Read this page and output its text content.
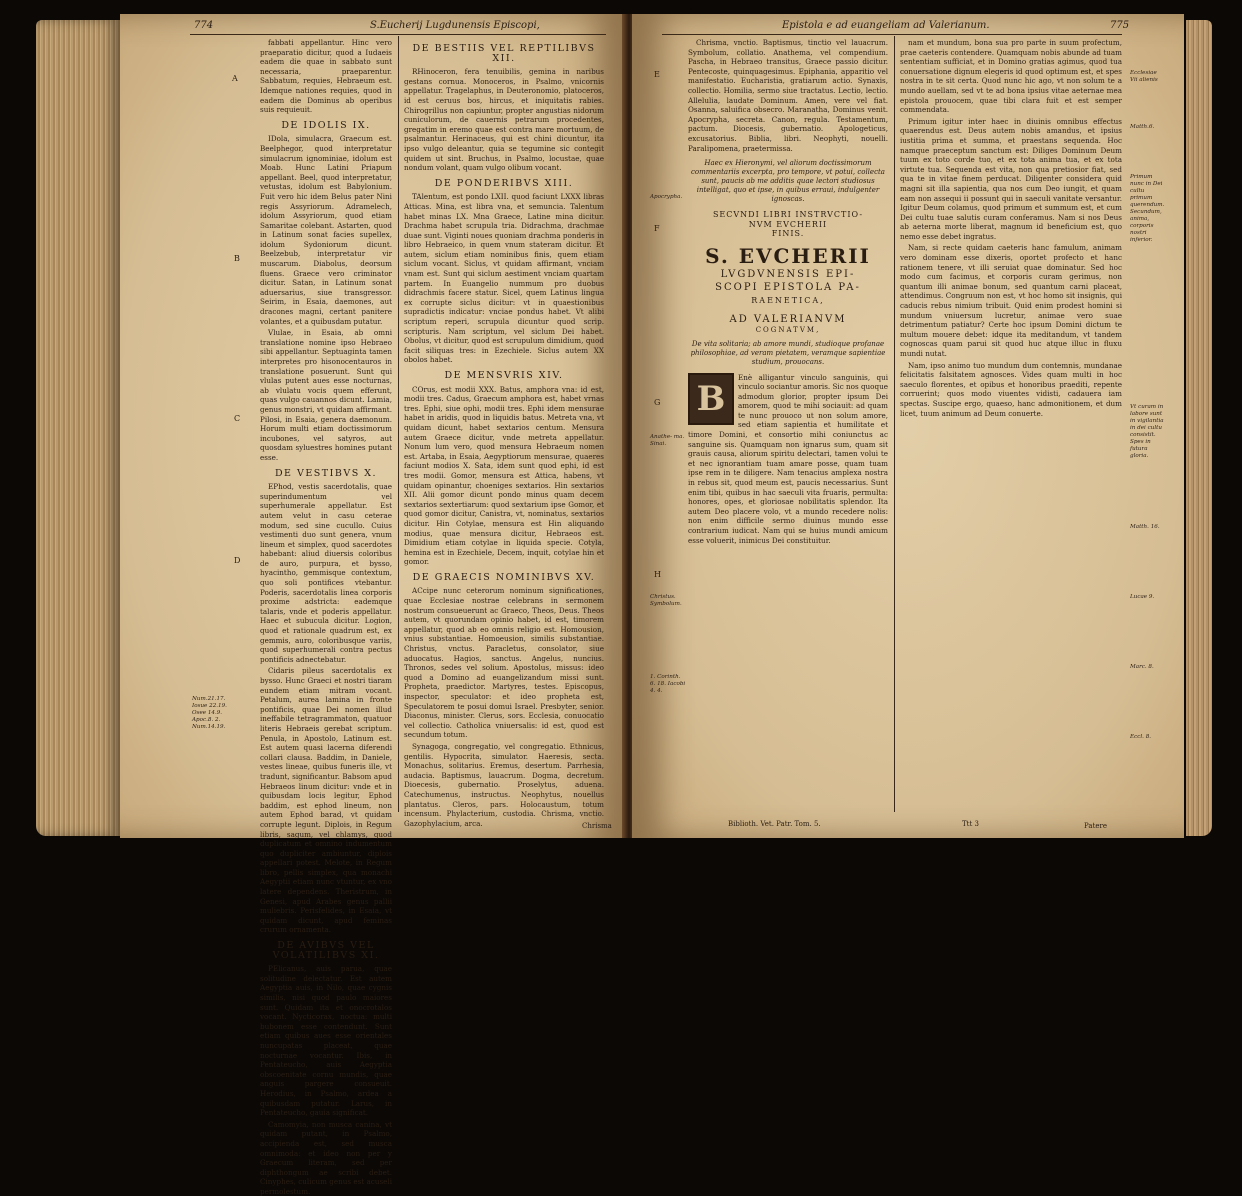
774	S.Eucherij Lugdunensis Episcopi,
A
B
C
D
Num.21.17. Iosue 22.19. Osee 14.9. Apoc.8. 2. Num.14.19.

fabbati appellantur. Hinc vero praeparatio dicitur, quod a Iudaeis eadem die quae in sabbato sunt necessaria, praeparentur. Sabbatum, requies, Hebraeum est. Idemque nationes requies, quod in eadem die Dominus ab operibus suis requieuit.

DE IDOLIS IX.

IDola, simulacra, Graecum est. Beelphegor, quod interpretatur simulacrum ignominiae, idolum est Moab. Hunc Latini Priapum appellant. Beel, quod interpretatur, vetustas, idolum est Babylonium. Fuit vero hic idem Belus pater Nini regis Assyriorum. Adramelech, idolum Assyriorum, quod etiam Samaritae colebant. Astarten, quod in Latinum sonat facies supellex, idolum Sydoniorum dicunt. Beelzebub, interpretatur vir muscarum. Diabolus, deorsum fluens. Graece vero criminator dicitur. Satan, in Latinum sonat aduersarius, siue transgressor. Seirim, in Esaia, daemones, aut dracones magni, certant panitere volantes, et a quibusdam putatur.

Vlulae, in Esaia, ab omni translatione nomine ipso Hebraeo sibi appellantur. Septuaginta tamen interpretes pro hisonocentauros in translatione posuerunt. Sunt qui vlulas putent aues esse nocturnas, ab vlulatu vocis quem efferunt, quas vulgo cauannos dicunt. Lamia, genus monstri, vt quidam affirmant. Pilosi, in Esaia, genera daemonum. Horum multi etiam doctissimorum incubones, vel satyros, aut quosdam syluestres homines putant esse.

DE VESTIBVS X.

EPhod, vestis sacerdotalis, quae superindumentum vel superhumerale appellatur. Est autem velut in casu ceterae modum, sed sine cucullo. Cuius vestimenti duo sunt genera, vnum lineum et simplex, quod sacerdotes habebant: aliud diuersis coloribus de auro, purpura, et bysso, hyacintho, gemmisque contextum, quo soli pontifices vtebantur. Poderis, sacerdotalis linea corporis proxime adstricta: eademque talaris, vnde et poderis appellatur. Haec et subucula dicitur. Logion, quod et rationale quadrum est, ex gemmis, auro, coloribusque variis, quod superhumerali contra pectus pontificis adnectebatur.

Cidaris pileus sacerdotalis ex bysso. Hunc Graeci et nostri tiaram eundem etiam mitram vocant. Petalum, aurea lamina in fronte pontificis, quae Dei nomen illud ineffabile tetragrammaton, quatuor literis Hebraeis gerebat scriptum. Penula, in Apostolo, Latinum est. Est autem quasi lacerna diferendi collari clausa. Baddim, in Daniele, vestes lineae, quibus funeris ille, vt tradunt, significantur. Babsom apud Hebraeos linum dicitur: vnde et in quibusdam locis legitur, Ephod baddim, est ephod lineum, non autem Ephod barad, vt quidam corrupte legunt. Diplois, in Regum libris, sagum, vel chlamys, quod duplicatum et omnino indumentum quo dupliciter ambiuntur, diplois appellari potest. Melote, in Regum libro, pellis simplex, qua monachi Aegyptii etiam nunc vtuntur, ex vno latere dependens. Theristrum, in Genesi, apud Arabes genus pallii muliebris. Perisfelides, in Esaia, vt quidam dicunt, apud feminas crurum ornamenta.

DE AVIBVS VEL VOLATILIBVS XI.

PElicanus, auis parua, quae solitudine delectatur. Est autem Aegyptia auis, in Nilo, quae cygnis similis, nisi quod paulo maiores sunt. Quidam ita et onocrotalos vocant. Nycticorax, noctua: multi bubonem esse contendunt. Sunt etiam quibus aues esse orientales nuncupatas placeat, quae nocturnae vocantur. Ibis, in Pentateucho, auis Aegyptia obscoenitate cornu mundis, quae anguis pargere consueuit. Herodius, in Psalmo, ardea a quibusdam putatur. Larus, in Pentateucho, gauia significat.

Camomyia, non musca canina, vt quidam putant, in Psalmo, accipienda est, sed musca omnimoda: et ideo non per y Graecum literam, sed per diphthongum ae scribi debet. Cinyphes, culicum genus est acuseli permolestum.

DE BESTIIS VEL REPTILIBVS XII.

RHinoceron, fera tenuibilis, gemina in naribus gestans cornua. Monoceros, in Psalmo, vnicornis appellatur. Tragelaphus, in Deuteronomio, platoceros, id est ceruus bos, hircus, et iniquitatis rabies. Chirogrillus non capiuntur, propter angustias nidorum cuniculorum, de cauernis petrarum procedentes, gregatim in eremo quae est contra mare mortuum, de psalmantur. Herinaceus, qui est chini dicuntur, ita ipso vulgo deleantur, quia se tegumine sic contegit quidem ut sint. Bruchus, in Psalmo, locustae, quae nondum volant, quam vulgo olibum vocant.

DE PONDERIBVS XIII.

TAlentum, est pondo LXII. quod faciunt LXXX libras Atticas. Mina, est libra vna, et semuncia. Talentum habet minas LX. Mna Graece, Latine mina dicitur. Drachma habet scrupula tria. Didrachma, drachmae duae sunt. Viginti noues quoniam drachma ponderis in libro Hebraeico, in quem vnum stateram dicitur. Et autem, siclum etiam nominibus finis, quem etiam siclum vocant. Siclus, vt quidam affirmant, vnciam vnam est. Sunt qui siclum aestiment vnciam quartam partem. In Euangelio nummum pro duobus didrachmis facere statur. Sicel, quem Latinus lingua ex corrupte siclus dicitur: vt in quaestionibus supradictis indicatur: vnciae pondus habet. Vt alibi scriptum reperi, scrupula dicuntur quod scrip. scripturis. Nam scriptum, vel siclum Dei habet. Obolus, vt dicitur, quod est scrupulum dimidium, quod facit siliquas tres: in Ezechiele. Siclus autem XX obolos habet.

DE MENSVRIS XIV.

COrus, est modii XXX. Batus, amphora vna: id est, modii tres. Cadus, Graecum amphora est, habet vrnas tres. Ephi, siue ophi, modii tres. Ephi idem mensurae habet in aridis, quod in liquidis batus. Metreta vna, vt quidam dicunt, habet sextarios centum. Mensura autem Graece dicitur, vnde metreta appellatur. Nonum lum vero, quod mensura Hebraeum nomen est. Artaba, in Esaia, Aegyptiorum mensurae, quaeres faciunt modios X. Sata, idem sunt quod ephi, id est tres modii. Gomor, mensura est Attica, habens, vt quidam opinantur, choeniges sextarios. Hin sextarios XII. Alii gomor dicunt pondo minus quam decem sextarios sextertiarum: quod sextarium ipse Gomor, et quod gomor dicitur, Canistra, vt, nominatus, sextarios dicitur. Hin Cotylae, mensura est Hin aliquando modius, quae mensura dicitur, Hebraeos est. Dimidium etiam cotylae in liquida specie. Cotyla, hemina est in Ezechiele, Decem, inquit, cotylae hin et gomor.

DE GRAECIS NOMINIBVS XV.

ACcipe nunc ceterorum nominum significationes, quae Ecclesiae nostrae celebrans in sermonem nostrum consueuerunt ac Graeco, Theos, Deus. Theos autem, vt quorundam opinio habet, id est, timorem appellatur, quod ab eo omnis religio est. Homousion, vnius substantiae. Homoeusion, similis substantiae. Christus, vnctus. Paracletus, consolator, siue aduocatus. Hagios, sanctus. Angelus, nuncius. Thronos, sedes vel solium. Apostolus, missus: ideo quod a Domino ad euangelizandum missi sunt. Propheta, praedictor. Martyres, testes. Episcopus, inspector, speculator: et ideo propheta est, Speculatorem te posui domui Israel. Presbyter, senior. Diaconus, minister. Clerus, sors. Ecclesia, conuocatio vel collectio. Catholica vniuersalis: id est, quod est secundum totum.

Synagoga, congregatio, vel congregatio. Ethnicus, gentilis. Hypocrita, simulator. Haeresis, secta. Monachus, solitarius. Eremus, desertum. Parrhesia, audacia. Baptismus, lauacrum. Dogma, decretum. Dioecesis, gubernatio. Proselytus, aduena. Catechumenus, instructus. Neophytus, nouellus plantatus. Cleros, pars. Holocaustum, totum incensum. Phylacterium, custodia. Chrisma, vnctio. Gazophylacium, arca.	Chrisma
Epistola e ad euangeliam ad Valerianum.	775
E
F
G
H
Apocrypha.
Anathe- ma. Sinai.
Christus. Symbolum.
1. Corinth. 6. 18. Iacobi 4. 4.

Chrisma, vnctio. Baptismus, tinctio vel lauacrum. Symbolum, collatio. Anathema, vel compendium. Pascha, in Hebraeo transitus, Graece passio dicitur. Pentecoste, quinquagesimus. Epiphania, apparitio vel manifestatio. Eucharistia, gratiarum actio. Synaxis, collectio. Homilia, sermo siue tractatus. Lectio, lectio. Allelulia, laudate Dominum. Amen, vere vel fiat. Osanna, saluifica obsecro. Maranatha, Dominus venit. Apocrypha, secreta. Canon, regula. Testamentum, pactum. Diocesis, gubernatio. Apologeticus, excusatorius. Biblia, libri. Neophyti, nouelli. Paralipomena, praetermissa.

Haec ex Hieronymi, vel aliorum doctissimorum commentariis excerpta, pro tempore, vt potui, collecta sunt, paucis ab me additis quae lectori studiosus intelligat, quo et ipse, in quibus erraui, indulgenter ignoscas.
SECVNDI LIBRI INSTRVCTIO-
NVM EVCHERII
FINIS.
S. EVCHERII
LVGDVNENSIS EPI-
SCOPI EPISTOLA PA-
RAENETICA,
AD VALERIANVM
COGNATVM,
De vita solitaria; ab amore mundi, studioque profanae philosophiae, ad veram pietatem, veramque sapientiae studium, prouocans.
B

Enè alligantur vinculo sanguinis, qui vinculo sociantur amoris. Sic nos quoque admodum glorior, propter ipsum Dei amorem, quod te mihi sociauit: ad quam te nunc prouoco ut non solum amore, sed etiam sapientia et humilitate et timore Domini, et consortio mihi coniunctus ac sanguine sis. Quamquam non ignarus sum, quam sit grauis causa, aliorum spiritu delectari, tamen volui te et nec ignorantiam tuam amare posse, quam tuam ipse rem in te diligere. Nam tenacius amplexa nostra in rebus sit, quod meum est, paucis necessarius. Sunt enim tibi, quibus in hac saeculi vita fruaris, permulta: honores, opes, et gloriosae nobilitatis splendor. Ita autem Deo placere volo, vt a mundo recedere nolis: non enim difficile sermo diuinus mundo esse contrarium iudicat. Nam qui se huius mundi amicum esse voluerit, inimicus Dei constituitur.

Biblioth. Vet. Patr. Tom. 5.	Ttt 3

nam et mundum, bona sua pro parte in suum profectum, prae caeteris contendere. Quamquam nobis abunde ad tuam sententiam sufficiat, et in Domino gratias agimus, quod tua conuersatione dignum elegeris id quod optimum est, et spes nostra in te sit certa. Quod nunc hic ago, vt non solum te a mundo auellam, sed vt te ad bona ipsius vitae aeternae mea epistola prouocem, quae tibi clara fuit et est semper commendata.

Primum igitur inter haec in diuinis omnibus effectus quaerendus est. Deus autem nobis amandus, et ipsius iustitia prima et summa, et praestans sequenda. Hoc namque praeceptum sanctum est: Diliges Dominum Deum tuum ex toto corde tuo, et ex tota anima tua, et ex tota virtute tua. Sequenda est vita, non qua pretiosior fiat, sed qua te in vitae finem perducat. Diligenter considera quid magni sit illa sapientia, qua nos cum Deo iungit, et quam eam non assequi ii possunt qui in saeculi vanitate versantur. Igitur Deum colamus, quod primum et summum est, et cum Dei cultu tuae salutis curam conferamus. Nam si nos Deus ab aeterna morte liberat, magnum id beneficium est, quo nemo esse debet ingratus.

Nam, si recte quidam caeteris hanc famulum, animam vero dominam esse dixeris, oportet profecto et hanc rationem tenere, vt illi seruiat quae dominatur. Sed hoc modo cum facimus, et corporis curam gerimus, non quantum illi animae bonum, sed quantum carni placeat, attendimus. Congruum non est, vt hoc homo sit insignis, qui caducis rebus nimium tribuit. Quid enim prodest homini si mundum vniuersum lucretur, animae vero suae detrimentum patiatur? Certe hoc ipsum Domini dictum te multum mouere debet: idque ita meditandum, vt tandem cognoscas quam parui sit quod huc atque illuc in fluxu mundi nutat.

Nam, ipso animo tuo mundum dum contemnis, mundanae felicitatis falsitatem agnosces. Vides quam multi in hoc saeculo florentes, et opibus et honoribus praediti, repente corruerint; quos modo viuentes vidisti, cadauera iam spectas. Suscipe ergo, quaeso, hanc admonitionem, et dum licet, tuum animum ad Deum conuerte.

Patere
Ecclesiae Vii alienis
Matth.6.
Primum nunc in Dei cultu primum querendum. Secundum, anima, corporis nostri inferior.
Vt curam in labore sunt in vigilantia in dei cultu consistit. Spes in futura gloria.
Matth. 16.
Lucae 9.
Marc. 8.
Eccl. 8.
